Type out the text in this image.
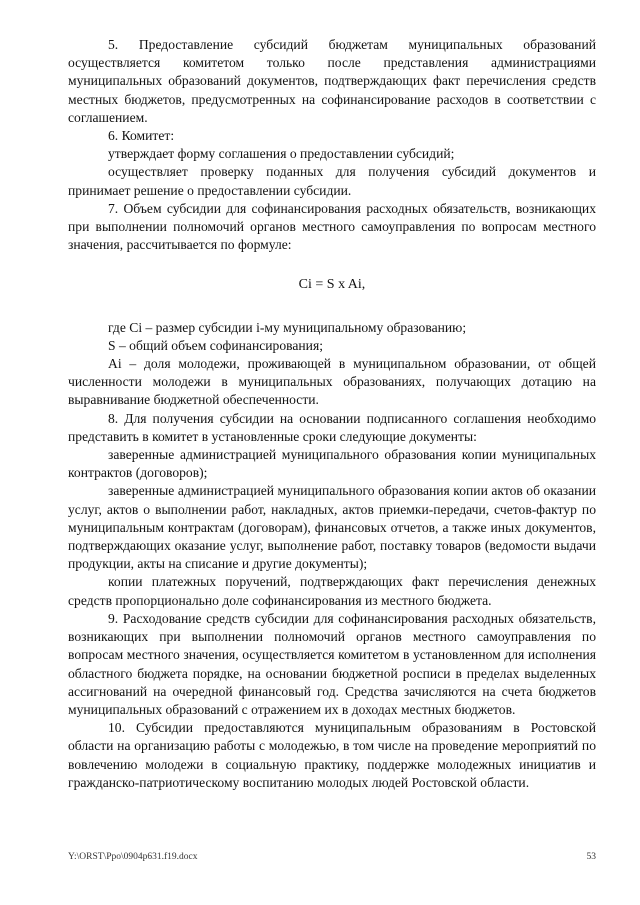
5. Предоставление субсидий бюджетам муниципальных образований осуществляется комитетом только после представления администрациями муниципальных образований документов, подтверждающих факт перечисления средств местных бюджетов, предусмотренных на софинансирование расходов в соответствии с соглашением.

6. Комитет:

утверждает форму соглашения о предоставлении субсидий;

осуществляет проверку поданных для получения субсидий документов и принимает решение о предоставлении субсидии.

7. Объем субсидии для софинансирования расходных обязательств, возникающих при выполнении полномочий органов местного самоуправления по вопросам местного значения, рассчитывается по формуле:

Ci = S x Ai,

где Ci – размер субсидии i-му муниципальному образованию;

S – общий объем софинансирования;

Ai – доля молодежи, проживающей в муниципальном образовании, от общей численности молодежи в муниципальных образованиях, получающих дотацию на выравнивание бюджетной обеспеченности.

8. Для получения субсидии на основании подписанного соглашения необходимо представить в комитет в установленные сроки следующие документы:

заверенные администрацией муниципального образования копии муниципальных контрактов (договоров);

заверенные администрацией муниципального образования копии актов об оказании услуг, актов о выполнении работ, накладных, актов приемки-передачи, счетов-фактур по муниципальным контрактам (договорам), финансовых отчетов, а также иных документов, подтверждающих оказание услуг, выполнение работ, поставку товаров (ведомости выдачи продукции, акты на списание и другие документы);

копии платежных поручений, подтверждающих факт перечисления денежных средств пропорционально доле софинансирования из местного бюджета.

9. Расходование средств субсидии для софинансирования расходных обязательств, возникающих при выполнении полномочий органов местного самоуправления по вопросам местного значения, осуществляется комитетом в установленном для исполнения областного бюджета порядке, на основании бюджетной росписи в пределах выделенных ассигнований на очередной финансовый год. Средства зачисляются на счета бюджетов муниципальных образований с отражением их в доходах местных бюджетов.

10. Субсидии предоставляются муниципальным образованиям в Ростовской области на организацию работы с молодежью, в том числе на проведение мероприятий по вовлечению молодежи в социальную практику, поддержке молодежных инициатив и гражданско-патриотическому воспитанию молодых людей Ростовской области.

Y:\ORST\Ppo\0904p631.f19.docx	53
